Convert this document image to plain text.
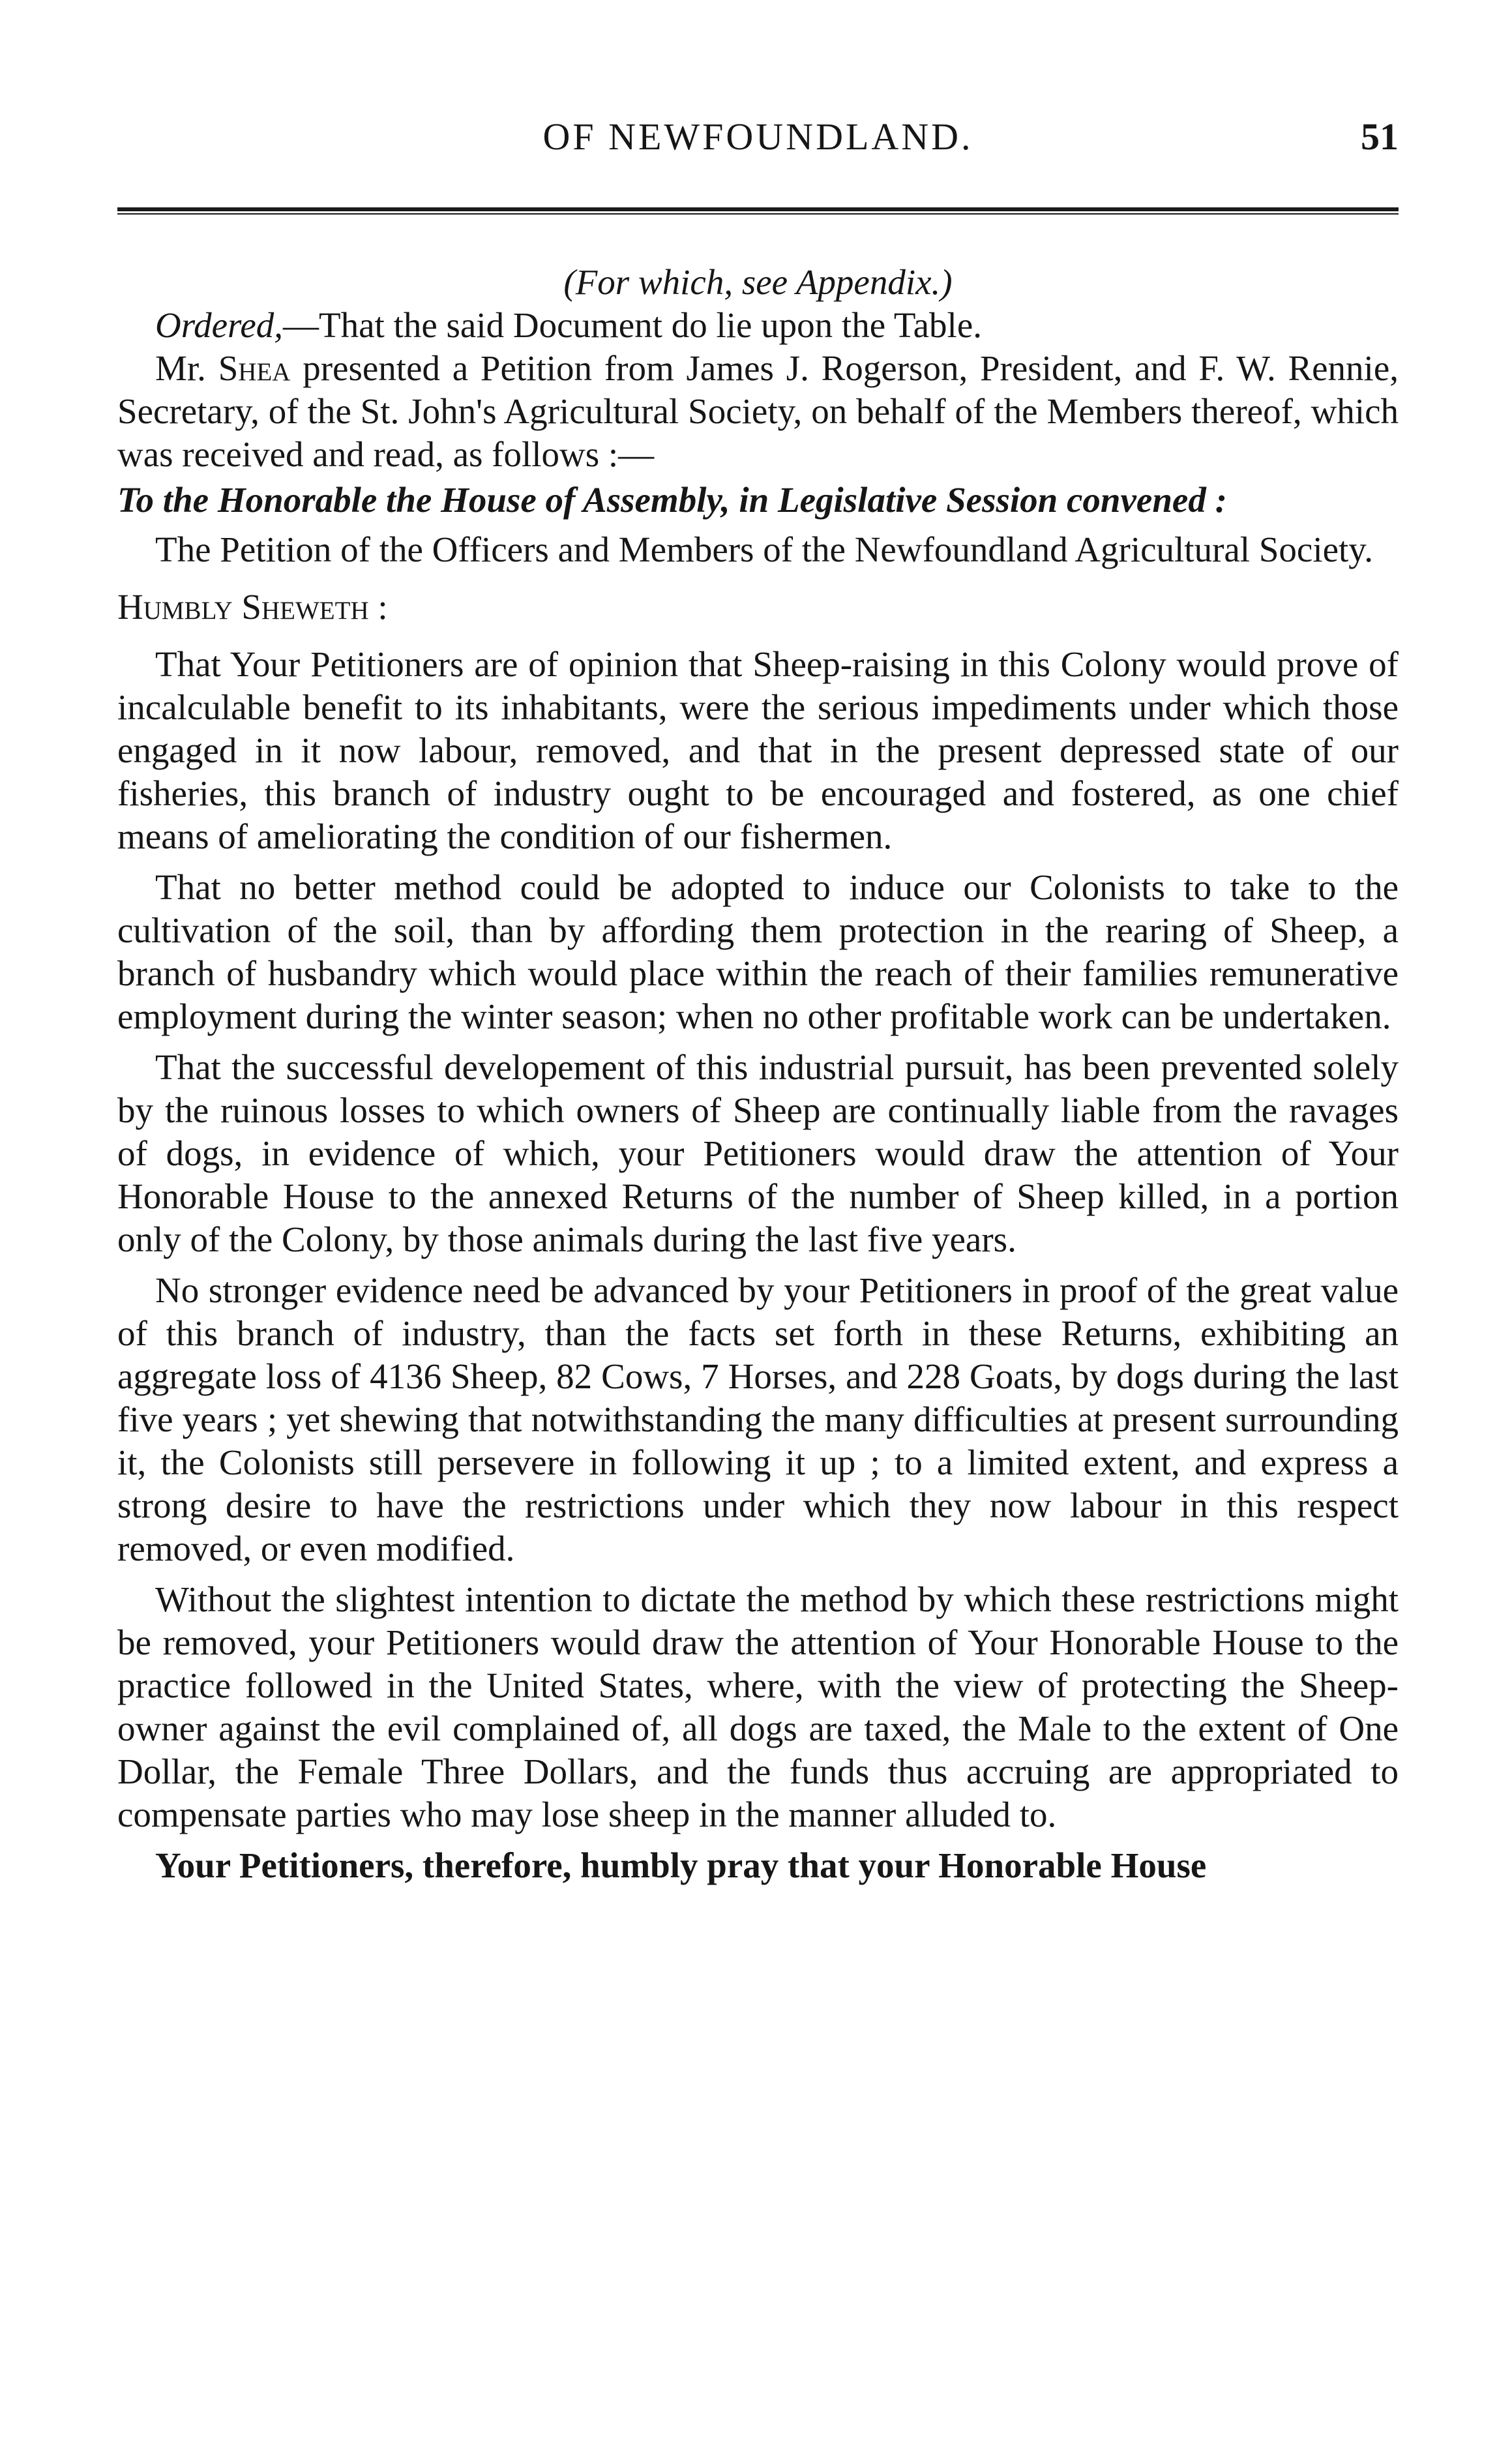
OF NEWFOUNDLAND.	51

(For which, see Appendix.)

Ordered,—That the said Document do lie upon the Table.

Mr. Shea presented a Petition from James J. Rogerson, President, and F. W. Rennie, Secretary, of the St. John's Agricultural Society, on behalf of the Members thereof, which was received and read, as follows :—

To the Honorable the House of Assembly, in Legislative Session convened :

The Petition of the Officers and Members of the Newfoundland Agricultural Society.

Humbly Sheweth :

That Your Petitioners are of opinion that Sheep-raising in this Colony would prove of incalculable benefit to its inhabitants, were the serious impediments under which those engaged in it now labour, removed, and that in the present depressed state of our fisheries, this branch of industry ought to be encouraged and fostered, as one chief means of ameliorating the condition of our fishermen.

That no better method could be adopted to induce our Colonists to take to the cultivation of the soil, than by affording them protection in the rearing of Sheep, a branch of husbandry which would place within the reach of their families remunerative employment during the winter season; when no other profitable work can be undertaken.

That the successful developement of this industrial pursuit, has been prevented solely by the ruinous losses to which owners of Sheep are continually liable from the ravages of dogs, in evidence of which, your Petitioners would draw the attention of Your Honorable House to the annexed Returns of the number of Sheep killed, in a portion only of the Colony, by those animals during the last five years.

No stronger evidence need be advanced by your Petitioners in proof of the great value of this branch of industry, than the facts set forth in these Returns, exhibiting an aggregate loss of 4136 Sheep, 82 Cows, 7 Horses, and 228 Goats, by dogs during the last five years ; yet shewing that notwithstanding the many difficulties at present surrounding it, the Colonists still persevere in following it up ; to a limited extent, and express a strong desire to have the restrictions under which they now labour in this respect removed, or even modified.

Without the slightest intention to dictate the method by which these restrictions might be removed, your Petitioners would draw the attention of Your Honorable House to the practice followed in the United States, where, with the view of protecting the Sheep-owner against the evil complained of, all dogs are taxed, the Male to the extent of One Dollar, the Female Three Dollars, and the funds thus accruing are appropriated to compensate parties who may lose sheep in the manner alluded to.

Your Petitioners, therefore, humbly pray that your Honorable House
